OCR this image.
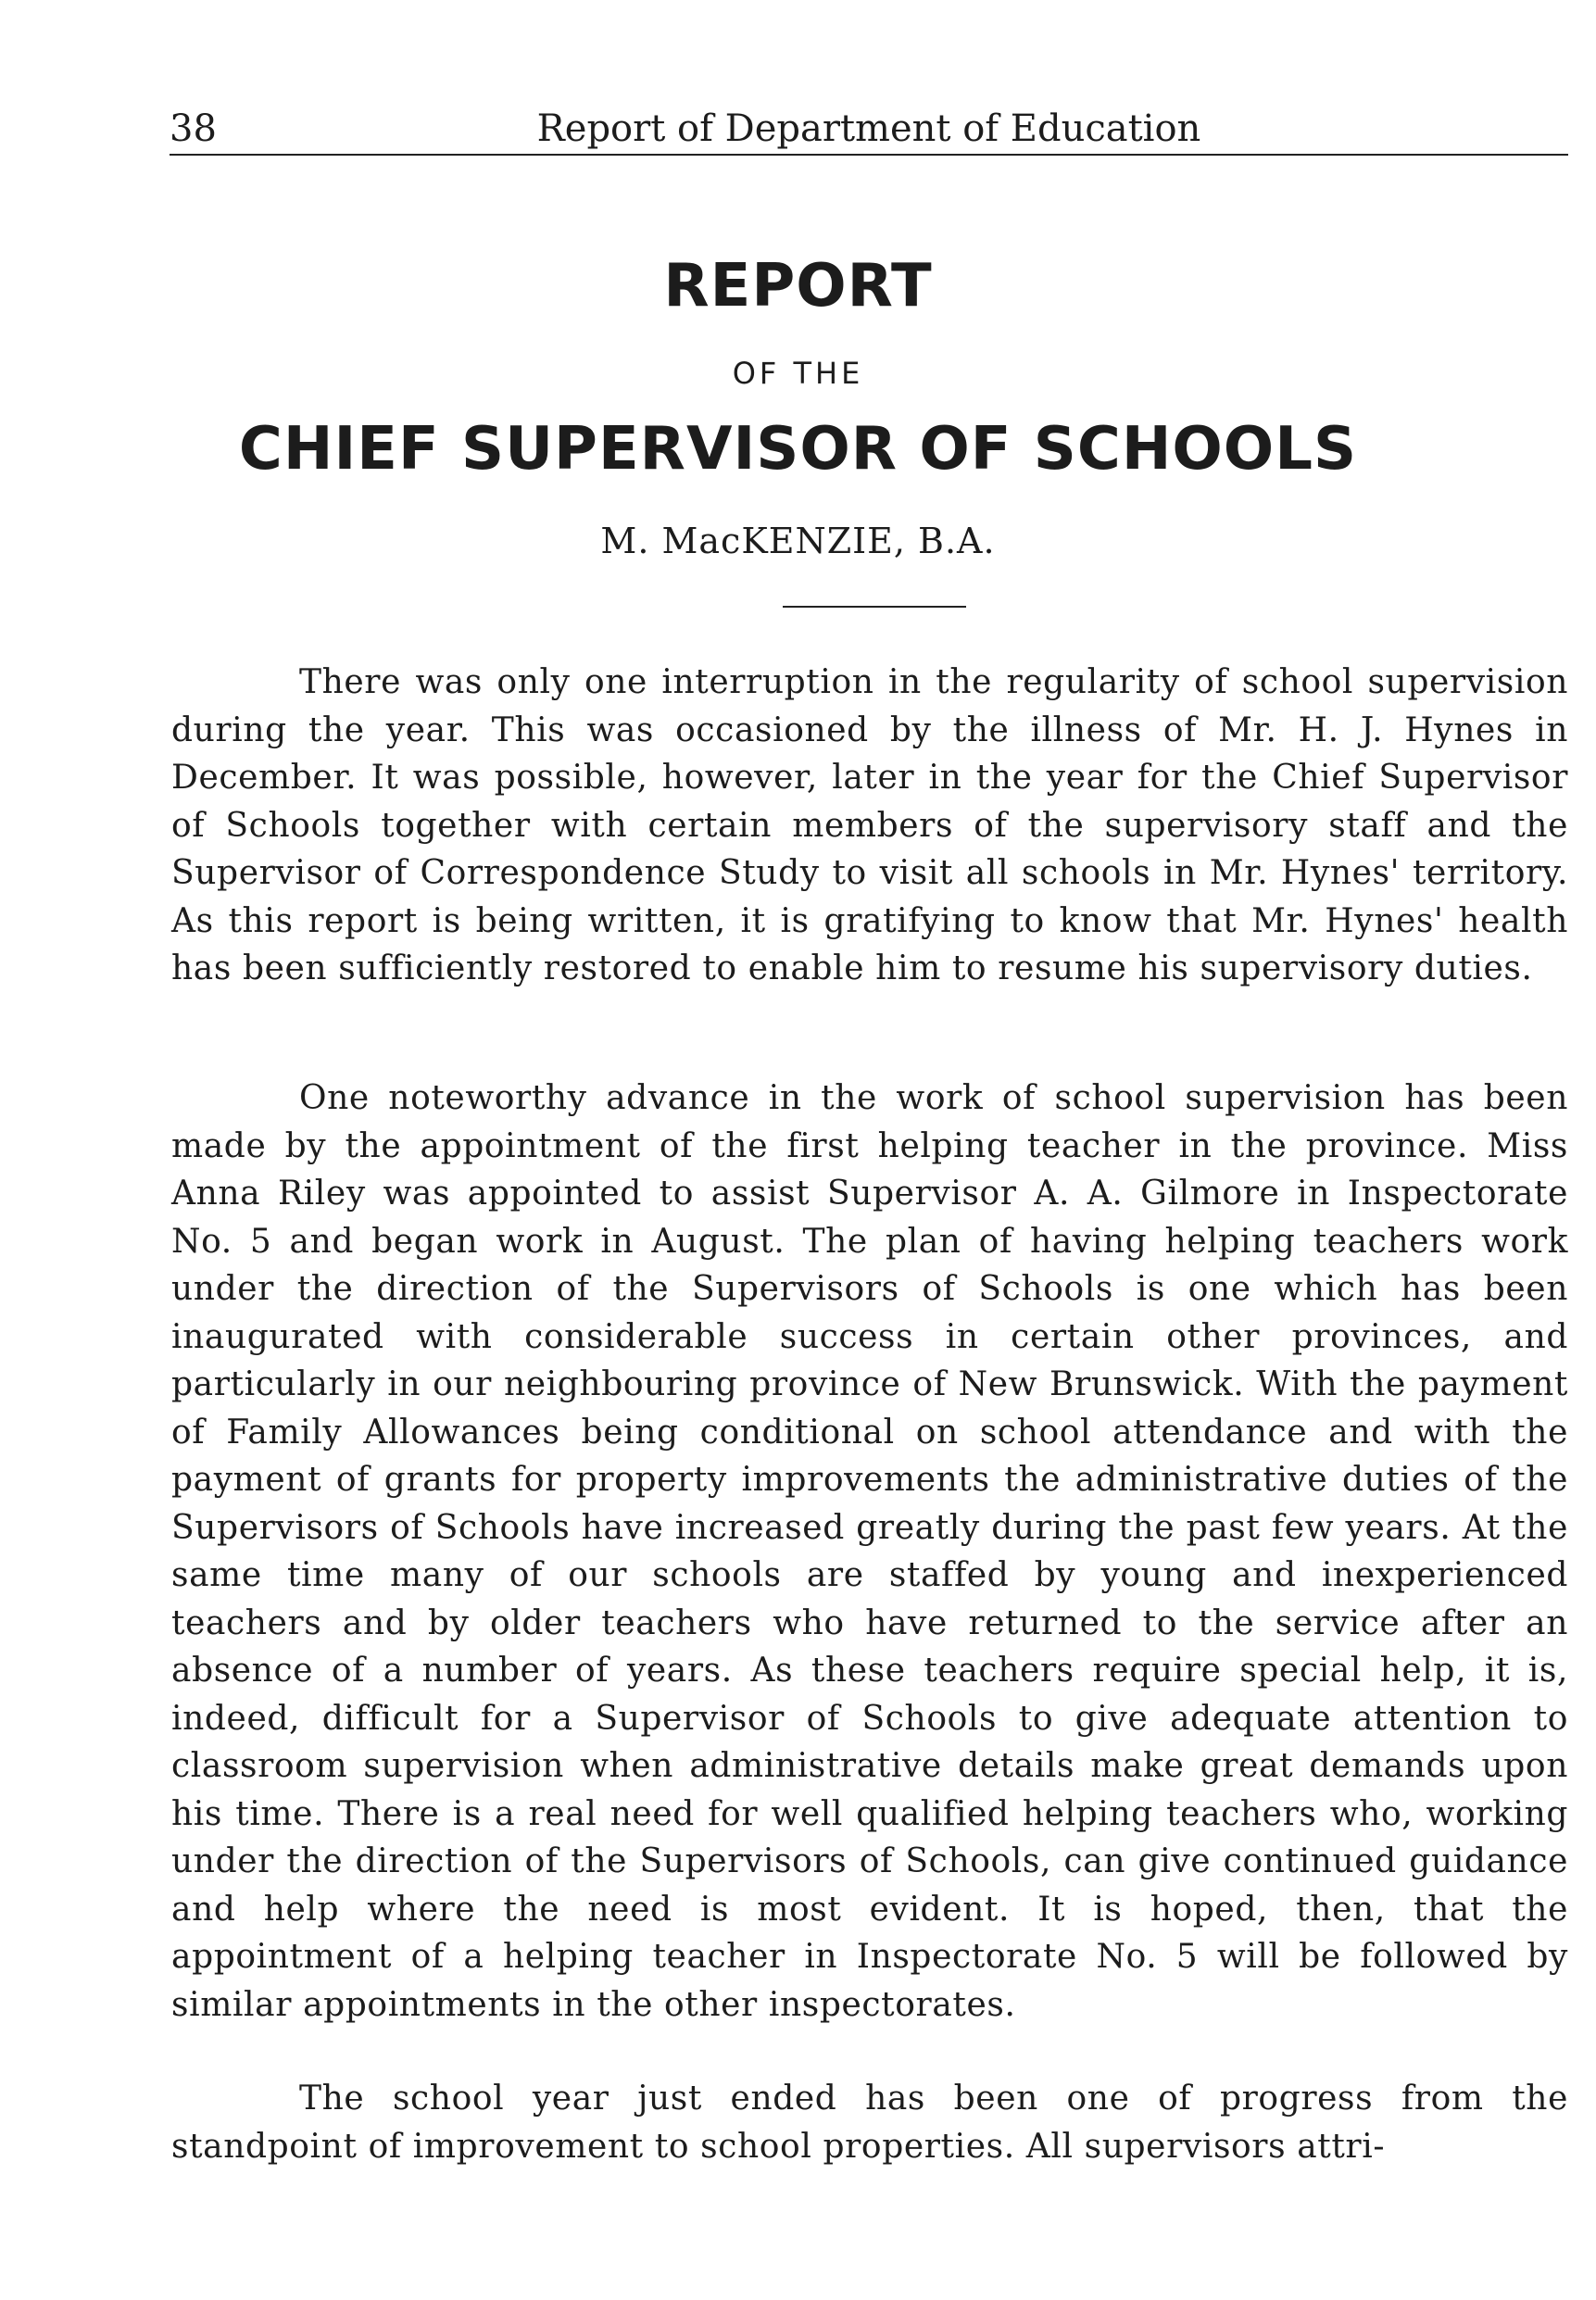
38	Report of Department of Education
REPORT
OF THE
CHIEF SUPERVISOR OF SCHOOLS
M. MacKENZIE, B.A.

There was only one interruption in the regularity of school supervision during the year. This was occasioned by the illness of Mr. H. J. Hynes in December. It was possible, however, later in the year for the Chief Supervisor of Schools together with certain members of the supervisory staff and the Supervisor of Correspondence Study to visit all schools in Mr. Hynes' territory. As this report is being written, it is gratifying to know that Mr. Hynes' health has been sufficiently restored to enable him to resume his supervisory duties.

One noteworthy advance in the work of school supervision has been made by the appointment of the first helping teacher in the province. Miss Anna Riley was appointed to assist Supervisor A. A. Gilmore in Inspectorate No. 5 and began work in August. The plan of having helping teachers work under the direction of the Supervisors of Schools is one which has been inaugurated with considerable success in certain other provinces, and particularly in our neighbouring province of New Brunswick. With the payment of Family Allowances being conditional on school attendance and with the payment of grants for property improvements the administrative duties of the Supervisors of Schools have increased greatly during the past few years. At the same time many of our schools are staffed by young and inexperienced teachers and by older teachers who have returned to the service after an absence of a number of years. As these teachers require special help, it is, indeed, difficult for a Supervisor of Schools to give adequate attention to classroom supervision when administrative details make great demands upon his time. There is a real need for well qualified helping teachers who, working under the direction of the Supervisors of Schools, can give continued guidance and help where the need is most evident. It is hoped, then, that the appointment of a helping teacher in Inspectorate No. 5 will be followed by similar appointments in the other inspectorates.

The school year just ended has been one of progress from the standpoint of improvement to school properties. All supervisors attri-
